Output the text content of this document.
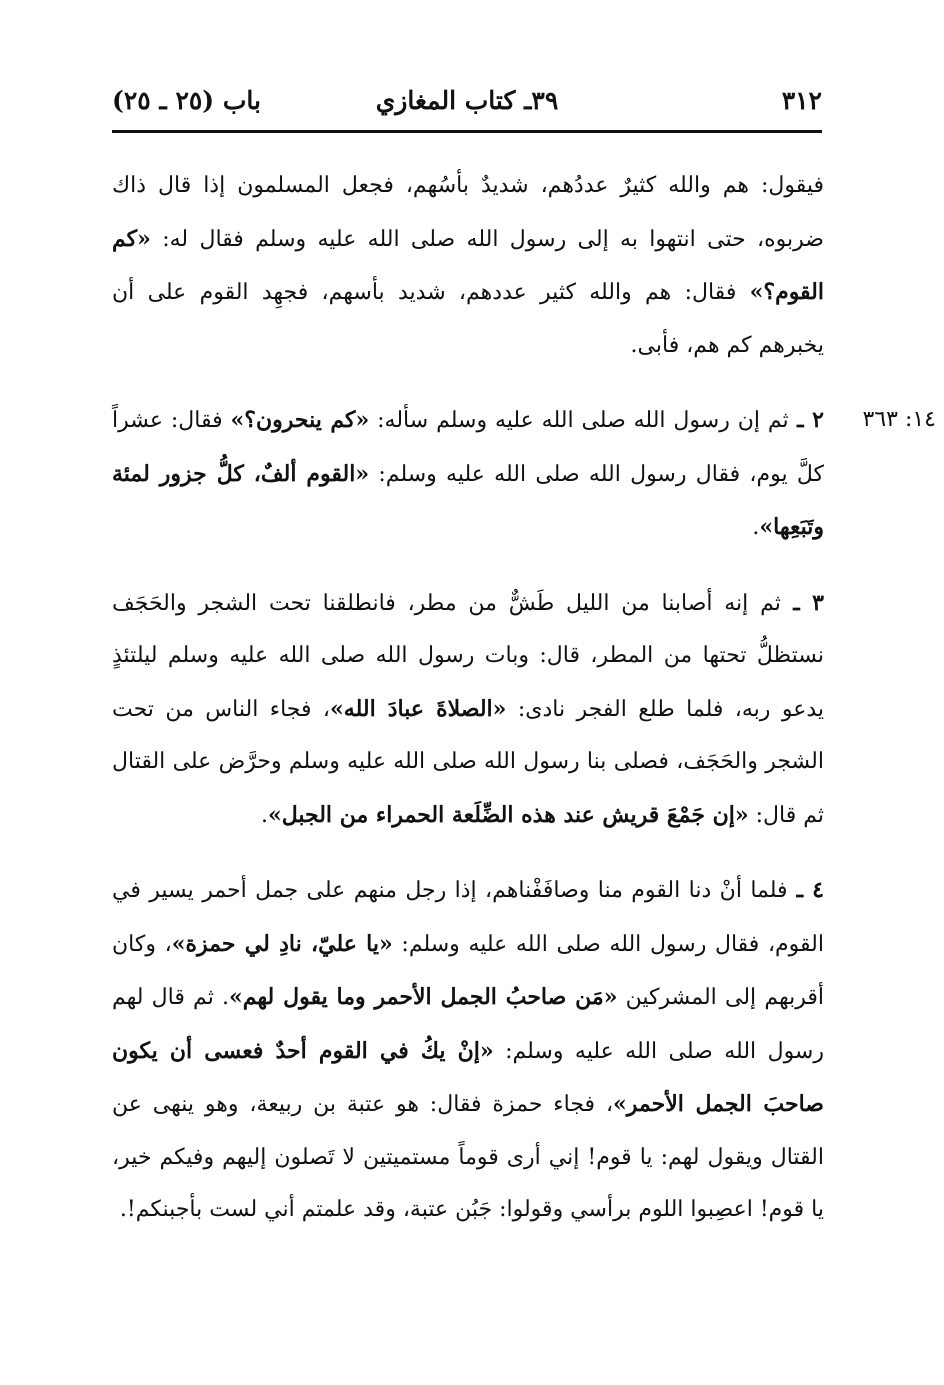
٣١٢
٣٩ـ كتاب المغازي
باب (٢٥ ـ ٢٥)

فيقول: هم والله كثيرٌ عددُهم، شديدٌ بأسُهم، فجعل المسلمون إذا قال ذاك ضربوه، حتى انتهوا به إلى رسول الله صلى الله عليه وسلم فقال له: «كم القوم؟» فقال: هم والله كثير عددهم، شديد بأسهم، فجهِد القوم على أن يخبرهم كم هم، فأبى.

١٤: ٣٦٣
٢ ـ ثم إن رسول الله صلى الله عليه وسلم سأله: «كم ينحرون؟» فقال: عشراً كلَّ يوم، فقال رسول الله صلى الله عليه وسلم: «القوم ألفٌ، كلُّ جزور لمئة وتَبَعِها».

٣ ـ ثم إنه أصابنا من الليل طَشٌّ من مطر، فانطلقنا تحت الشجر والحَجَف نستظلُّ تحتها من المطر، قال: وبات رسول الله صلى الله عليه وسلم ليلتئذٍ يدعو ربه، فلما طلع الفجر نادى: «الصلاةَ عبادَ الله»، فجاء الناس من تحت الشجر والحَجَف، فصلى بنا رسول الله صلى الله عليه وسلم وحرَّض على القتال ثم قال: «إن جَمْعَ قريش عند هذه الضِّلَعة الحمراء من الجبل».

٤ ـ فلما أنْ دنا القوم منا وصافَفْناهم، إذا رجل منهم على جمل أحمر يسير في القوم، فقال رسول الله صلى الله عليه وسلم: «يا عليّ، نادِ لي حمزة»، وكان أقربهم إلى المشركين «مَن صاحبُ الجمل الأحمر وما يقول لهم». ثم قال لهم رسول الله صلى الله عليه وسلم: «إنْ يكُ في القوم أحدٌ فعسى أن يكون صاحبَ الجمل الأحمر»، فجاء حمزة فقال: هو عتبة بن ربيعة، وهو ينهى عن القتال ويقول لهم: يا قوم! إني أرى قوماً مستميتين لا تَصلون إليهم وفيكم خير، يا قوم! اعصِبوا اللوم برأسي وقولوا: جَبُن عتبة، وقد علمتم أني لست بأجبنكم!.
